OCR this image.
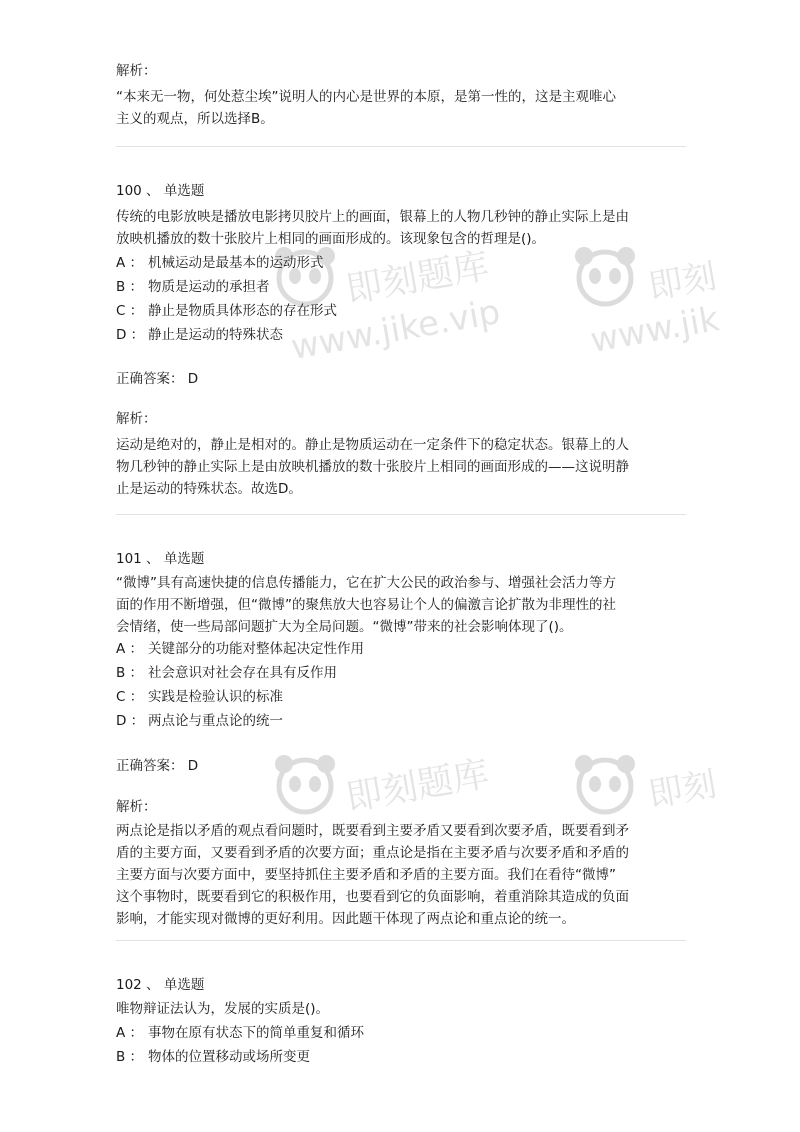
即刻题库
www.jike.vip
即刻
www.jik
即刻题库	即刻
解析：
“本来无一物，何处惹尘埃”说明人的内心是世界的本原，是第一性的，这是主观唯心
主义的观点，所以选择B。
100 、 单选题
传统的电影放映是播放电影拷贝胶片上的画面，银幕上的人物几秒钟的静止实际上是由
放映机播放的数十张胶片上相同的画面形成的。该现象包含的哲理是()。
A ： 机械运动是最基本的运动形式
B ： 物质是运动的承担者
C ： 静止是物质具体形态的存在形式
D ： 静止是运动的特殊状态
正确答案： D
解析：
运动是绝对的，静止是相对的。静止是物质运动在一定条件下的稳定状态。银幕上的人
物几秒钟的静止实际上是由放映机播放的数十张胶片上相同的画面形成的——这说明静
止是运动的特殊状态。故选D。
101 、 单选题
“微博”具有高速快捷的信息传播能力，它在扩大公民的政治参与、增强社会活力等方
面的作用不断增强，但“微博”的聚焦放大也容易让个人的偏激言论扩散为非理性的社
会情绪，使一些局部问题扩大为全局问题。“微博”带来的社会影响体现了()。
A ： 关键部分的功能对整体起决定性作用
B ： 社会意识对社会存在具有反作用
C ： 实践是检验认识的标准
D ： 两点论与重点论的统一
正确答案： D
解析：
两点论是指以矛盾的观点看问题时，既要看到主要矛盾又要看到次要矛盾，既要看到矛
盾的主要方面，又要看到矛盾的次要方面；重点论是指在主要矛盾与次要矛盾和矛盾的
主要方面与次要方面中，要坚持抓住主要矛盾和矛盾的主要方面。我们在看待“微博”
这个事物时，既要看到它的积极作用，也要看到它的负面影响，着重消除其造成的负面
影响，才能实现对微博的更好利用。因此题干体现了两点论和重点论的统一。
102 、 单选题
唯物辩证法认为，发展的实质是()。
A ： 事物在原有状态下的简单重复和循环
B ： 物体的位置移动或场所变更
